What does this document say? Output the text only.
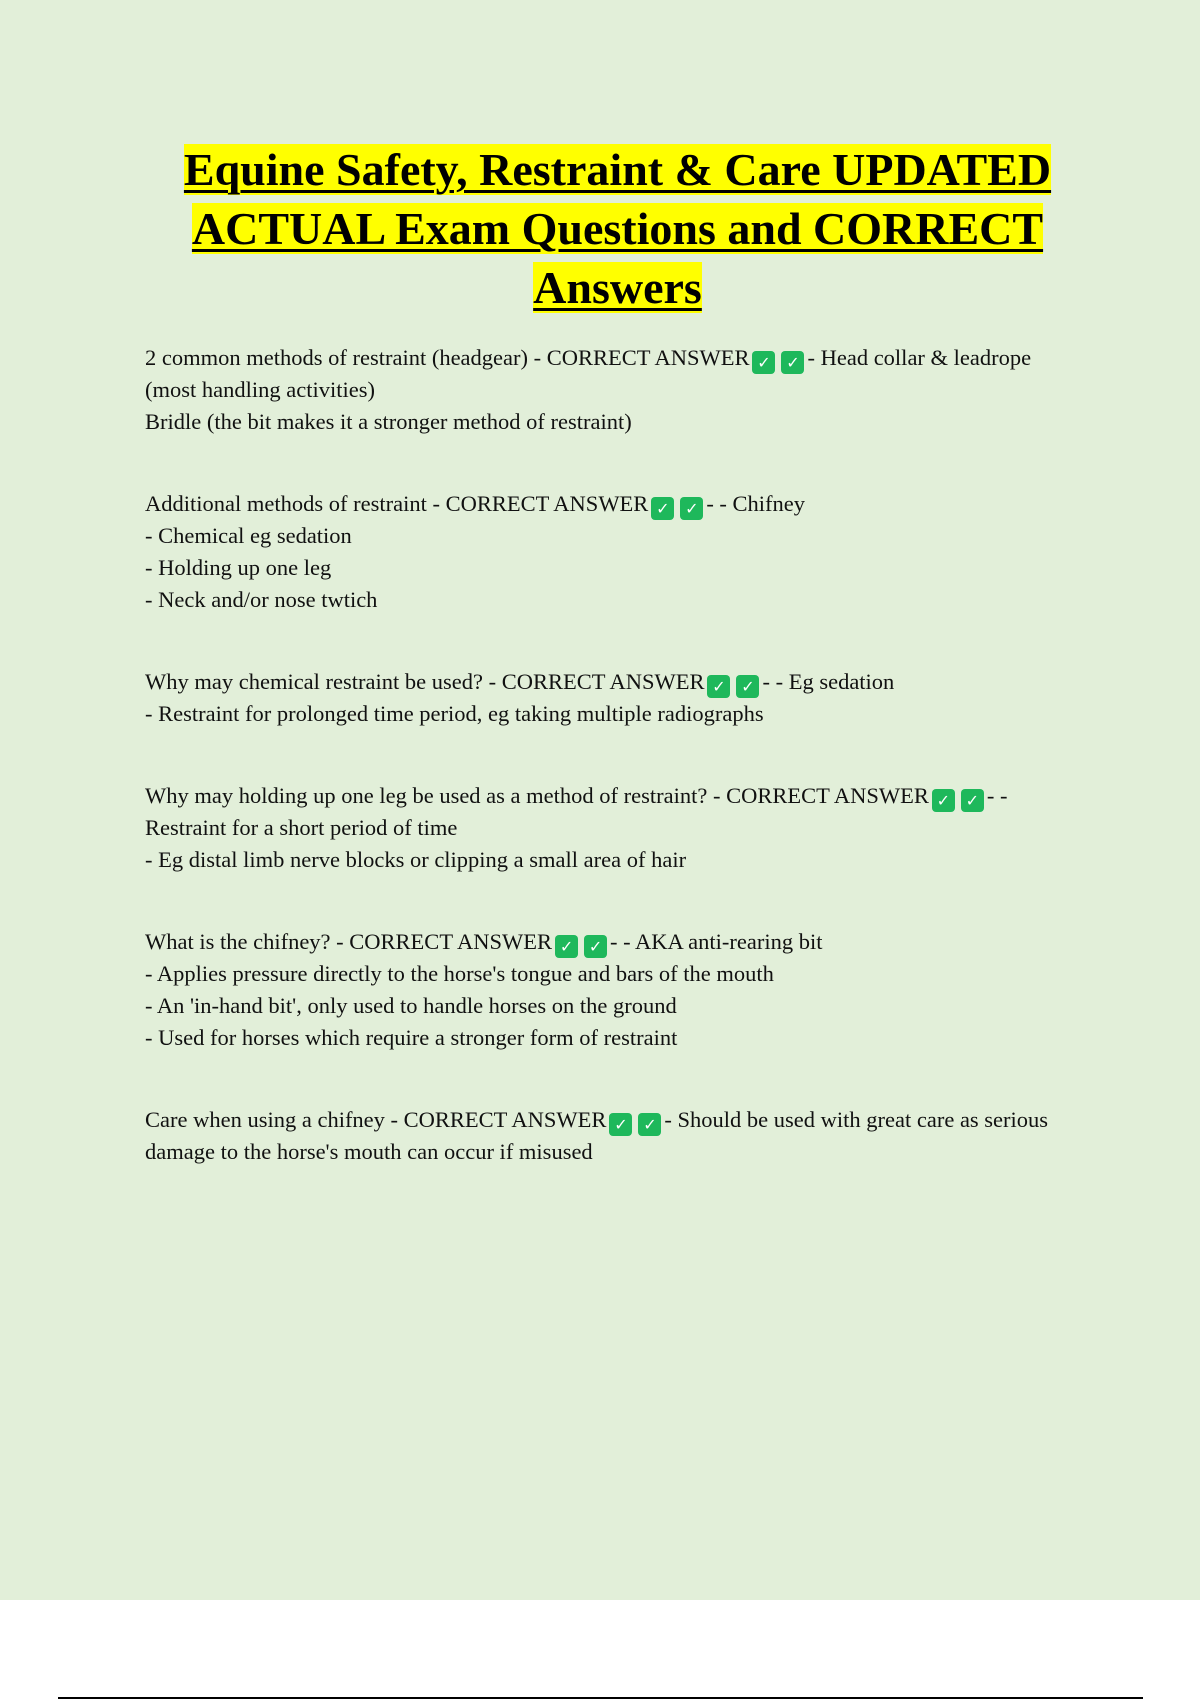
Equine Safety, Restraint & Care UPDATED ACTUAL Exam Questions and CORRECT Answers

2 common methods of restraint (headgear) - CORRECT ANSWER ✓ ✓ - Head collar & leadrope (most handling activities)

Bridle (the bit makes it a stronger method of restraint)

Additional methods of restraint - CORRECT ANSWER ✓ ✓ - - Chifney

- Chemical eg sedation

- Holding up one leg

- Neck and/or nose twtich

Why may chemical restraint be used? - CORRECT ANSWER ✓ ✓ - - Eg sedation

- Restraint for prolonged time period, eg taking multiple radiographs

Why may holding up one leg be used as a method of restraint? - CORRECT ANSWER ✓ ✓ - - Restraint for a short period of time

- Eg distal limb nerve blocks or clipping a small area of hair

What is the chifney? - CORRECT ANSWER ✓ ✓ - - AKA anti-rearing bit

- Applies pressure directly to the horse's tongue and bars of the mouth

- An 'in-hand bit', only used to handle horses on the ground

- Used for horses which require a stronger form of restraint

Care when using a chifney - CORRECT ANSWER ✓ ✓ - Should be used with great care as serious damage to the horse's mouth can occur if misused
